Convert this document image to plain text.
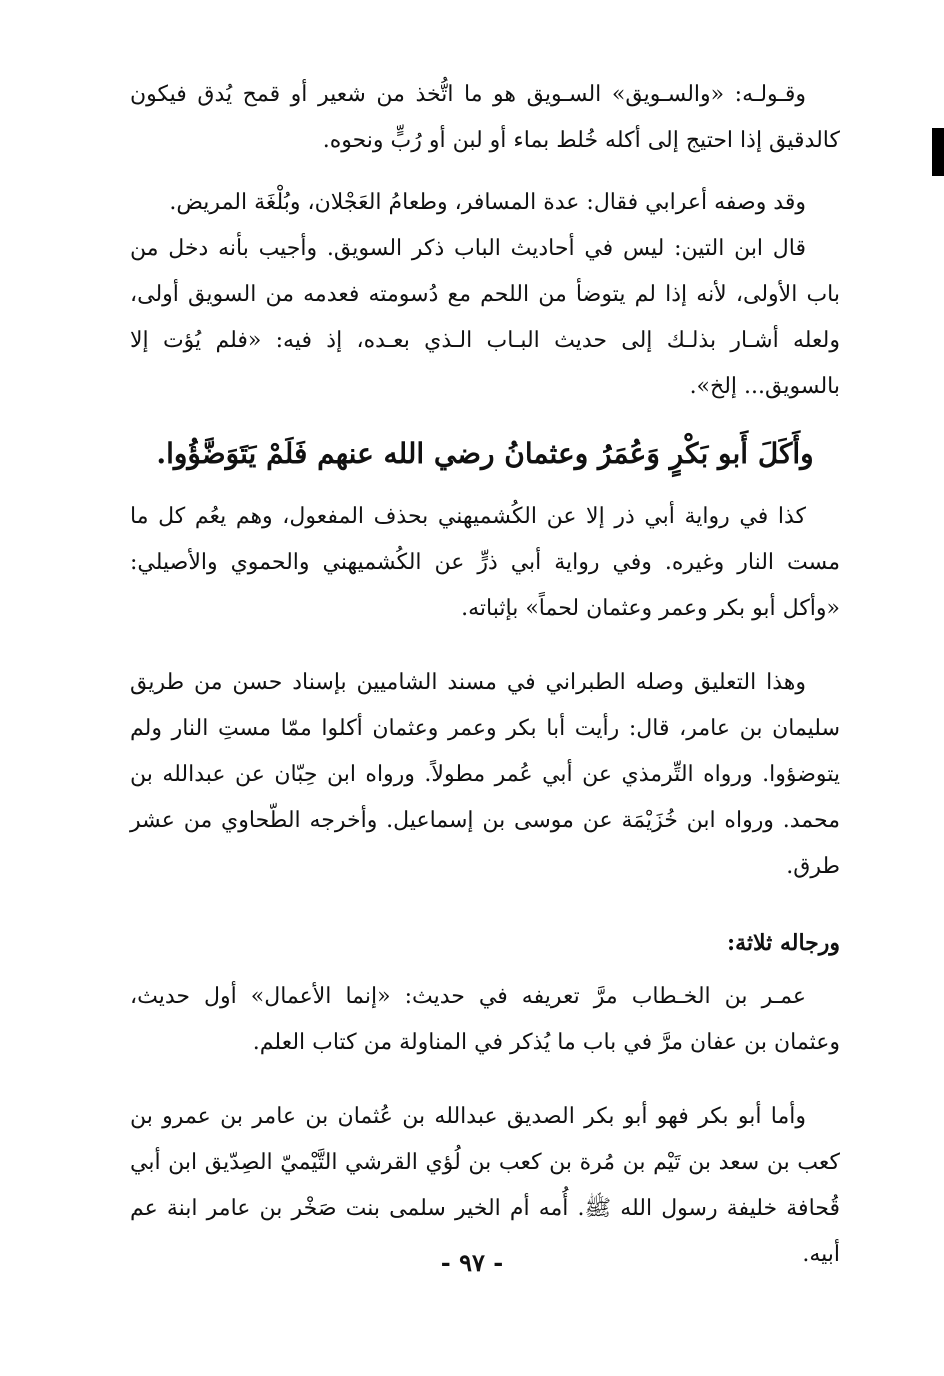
وقـولـه: «والسـويق» السـويق هو ما اتُّخذ من شعير أو قمح يُدق فيكون كالدقيق إذا احتيج إلى أكله خُلط بماء أو لبن أو رُبٍّ ونحوه.

وقد وصفه أعرابي فقال: عدة المسافر، وطعامُ العَجْلان، وبُلْغَة المريض.

قال ابن التين: ليس في أحاديث الباب ذكر السويق. وأجيب بأنه دخل من باب الأولى، لأنه إذا لم يتوضأ من اللحم مع دُسومته فعدمه من السويق أولى، ولعله أشـار بذلـك إلى حديث البـاب الـذي بعـده، إذ فيه: «فلم يُؤت إلا بالسويق... إلخ».

وأَكَلَ أَبو بَكْرٍ وَعُمَرُ وعثمانُ رضي الله عنهم فَلَمْ يَتَوَضَّؤُوا.

كذا في رواية أبي ذر إلا عن الكُشميهني بحذف المفعول، وهم يعُم كل ما مست النار وغيره. وفي رواية أبي ذرٍّ عن الكُشميهني والحموي والأصيلي: «وأكل أبو بكر وعمر وعثمان لحماً» بإثباته.

وهذا التعليق وصله الطبراني في مسند الشاميين بإسناد حسن من طريق سليمان بن عامر، قال: رأيت أبا بكر وعمر وعثمان أكلوا ممّا مستِ النار ولم يتوضؤوا. ورواه التِّرمذي عن أبي عُمر مطولاً. ورواه ابن حِبّان عن عبدالله بن محمد. ورواه ابن خُزَيْمَة عن موسى بن إسماعيل. وأخرجه الطّحاوي من عشر طرق.

ورجاله ثلاثة:

عمـر بن الخـطاب مرَّ تعريفه في حديث: «إنما الأعمال» أول حديث، وعثمان بن عفان مرَّ في باب ما يُذكر في المناولة من كتاب العلم.

وأما أبو بكر فهو أبو بكر الصديق عبدالله بن عُثمان بن عامر بن عمرو بن كعب بن سعد بن تَيْم بن مُرة بن كعب بن لُؤي القرشي التَّيْميّ الصِدّيق ابن أبي قُحافة خليفة رسول الله ﷺ. أُمه أم الخير سلمى بنت صَخْر بن عامر ابنة عم أبيه.

- ٩٧ -
